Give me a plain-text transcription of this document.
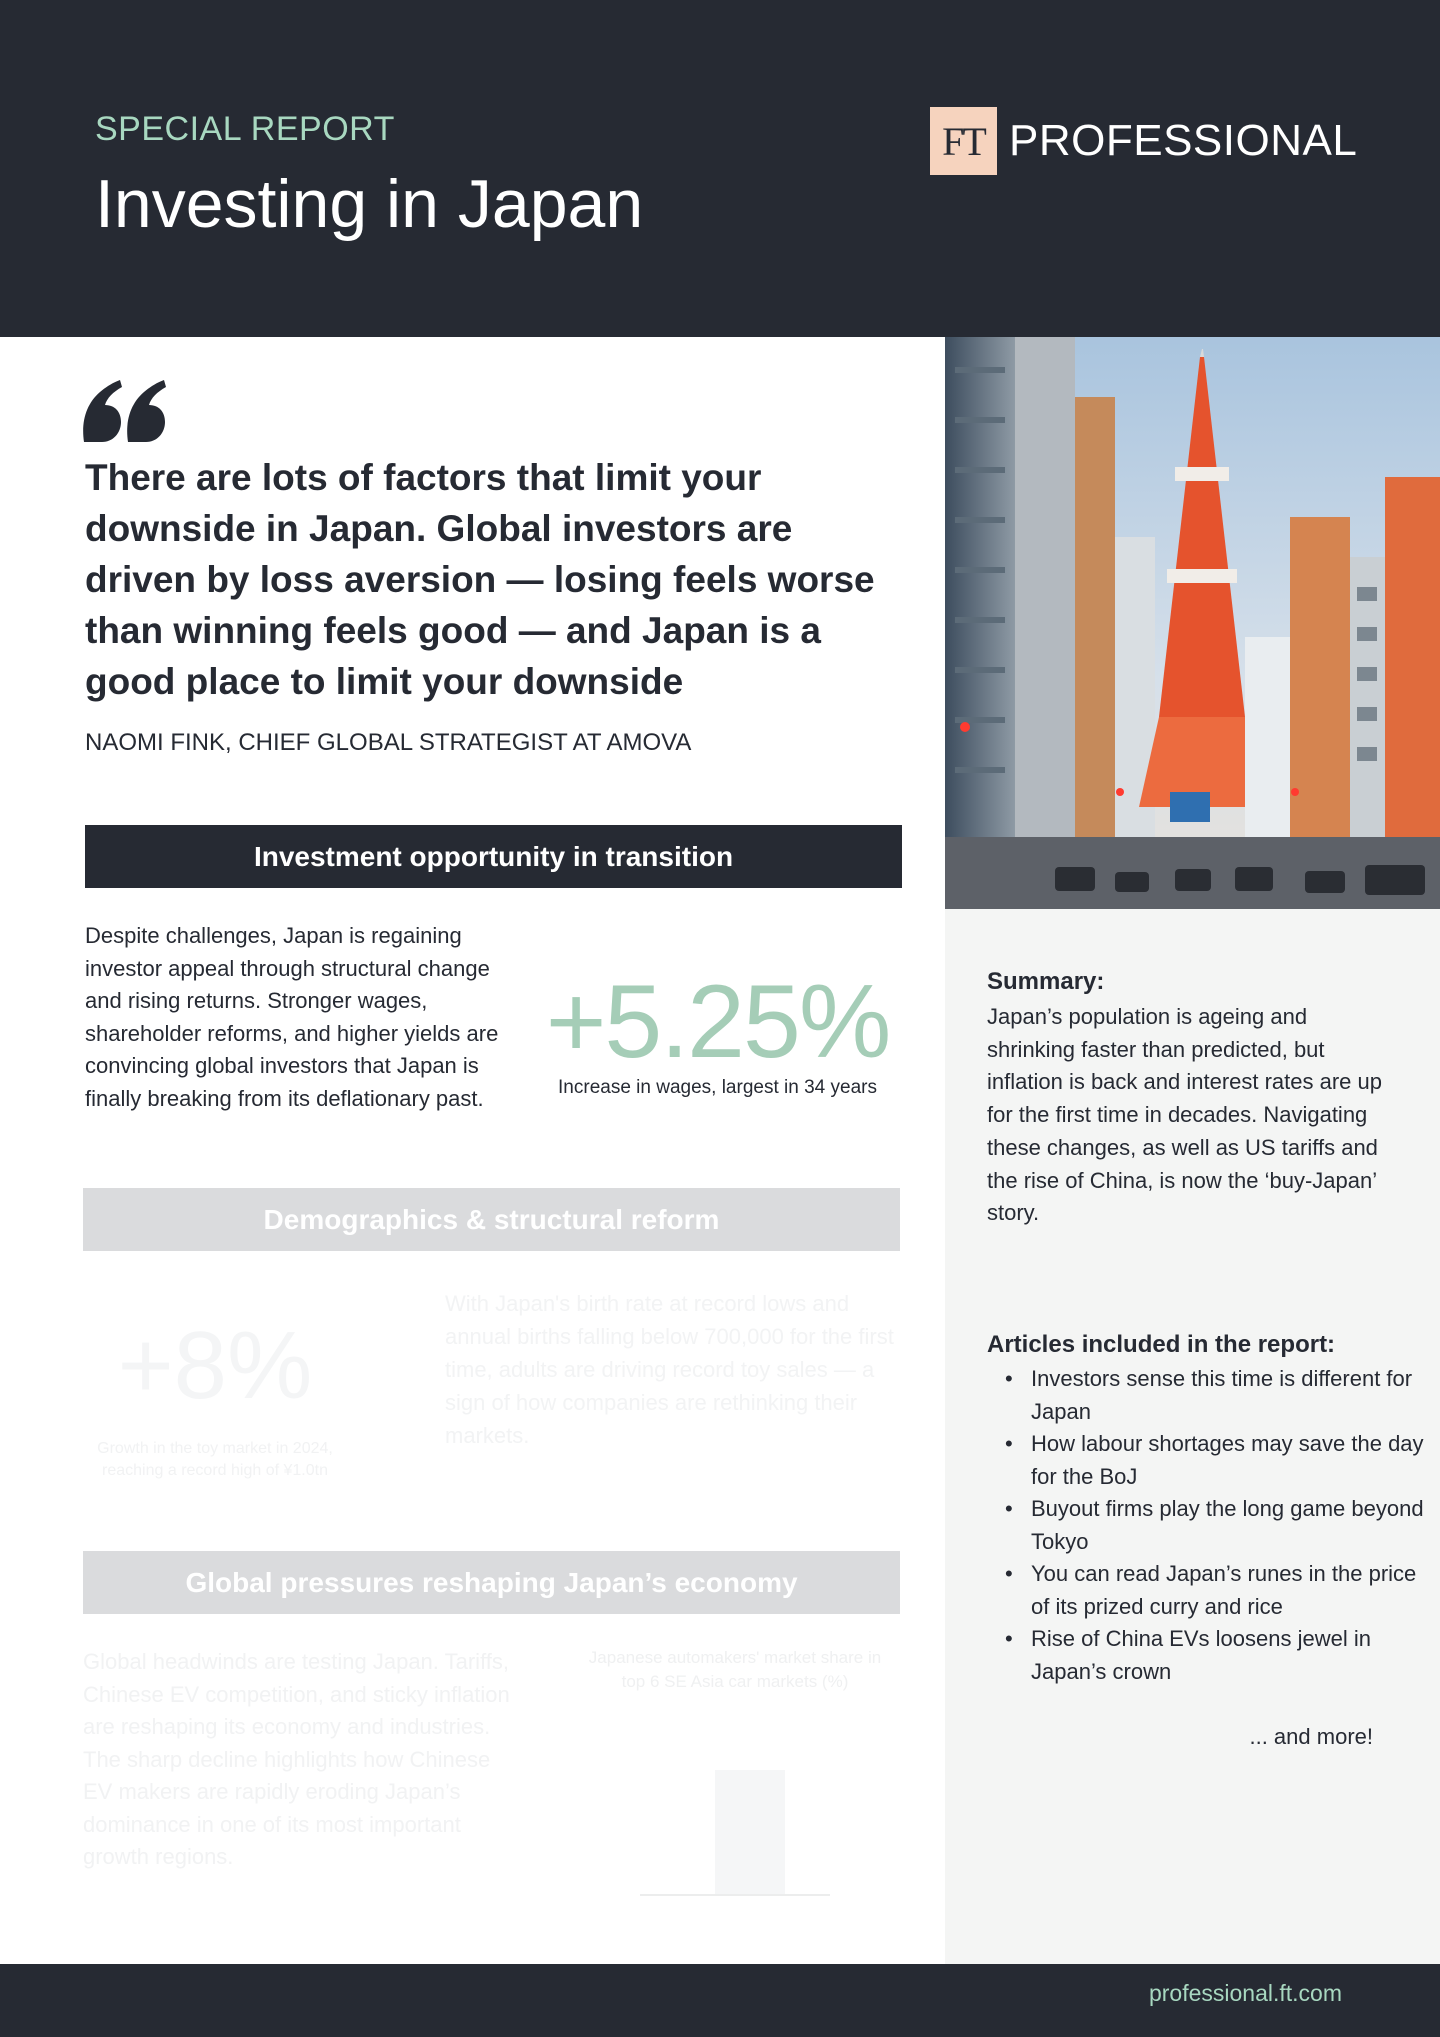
SPECIAL REPORT
Investing in Japan
FT PROFESSIONAL
There are lots of factors that limit your downside in Japan. Global investors are driven by loss aversion — losing feels worse than winning feels good — and Japan is a good place to limit your downside
NAOMI FINK, CHIEF GLOBAL STRATEGIST AT AMOVA
Investment opportunity in transition
Despite challenges, Japan is regaining investor appeal through structural change and rising returns. Stronger wages, shareholder reforms, and higher yields are convincing global investors that Japan is finally breaking from its deflationary past.
+5.25%
Increase in wages, largest in 34 years
Demographics & structural reform
+8%
Growth in the toy market in 2024, reaching a record high of ¥1.0tn
With Japan's birth rate at record lows and annual births falling below 700,000 for the first time, adults are driving record toy sales — a sign of how companies are rethinking their markets.
Global pressures reshaping Japan’s economy
Global headwinds are testing Japan. Tariffs, Chinese EV competition, and sticky inflation are reshaping its economy and industries. The sharp decline highlights how Chinese EV makers are rapidly eroding Japan’s dominance in one of its most important growth regions.
Japanese automakers' market share in top 6 SE Asia car markets (%)
Summary:
Japan’s population is ageing and shrinking faster than predicted, but inflation is back and interest rates are up for the first time in decades. Navigating these changes, as well as US tariffs and the rise of China, is now the ‘buy-Japan’ story.
Articles included in the report:
• Investors sense this time is different for Japan
• How labour shortages may save the day for the BoJ
• Buyout firms play the long game beyond Tokyo
• You can read Japan’s runes in the price of its prized curry and rice
• Rise of China EVs loosens jewel in Japan’s crown
... and more!
professional.ft.com
